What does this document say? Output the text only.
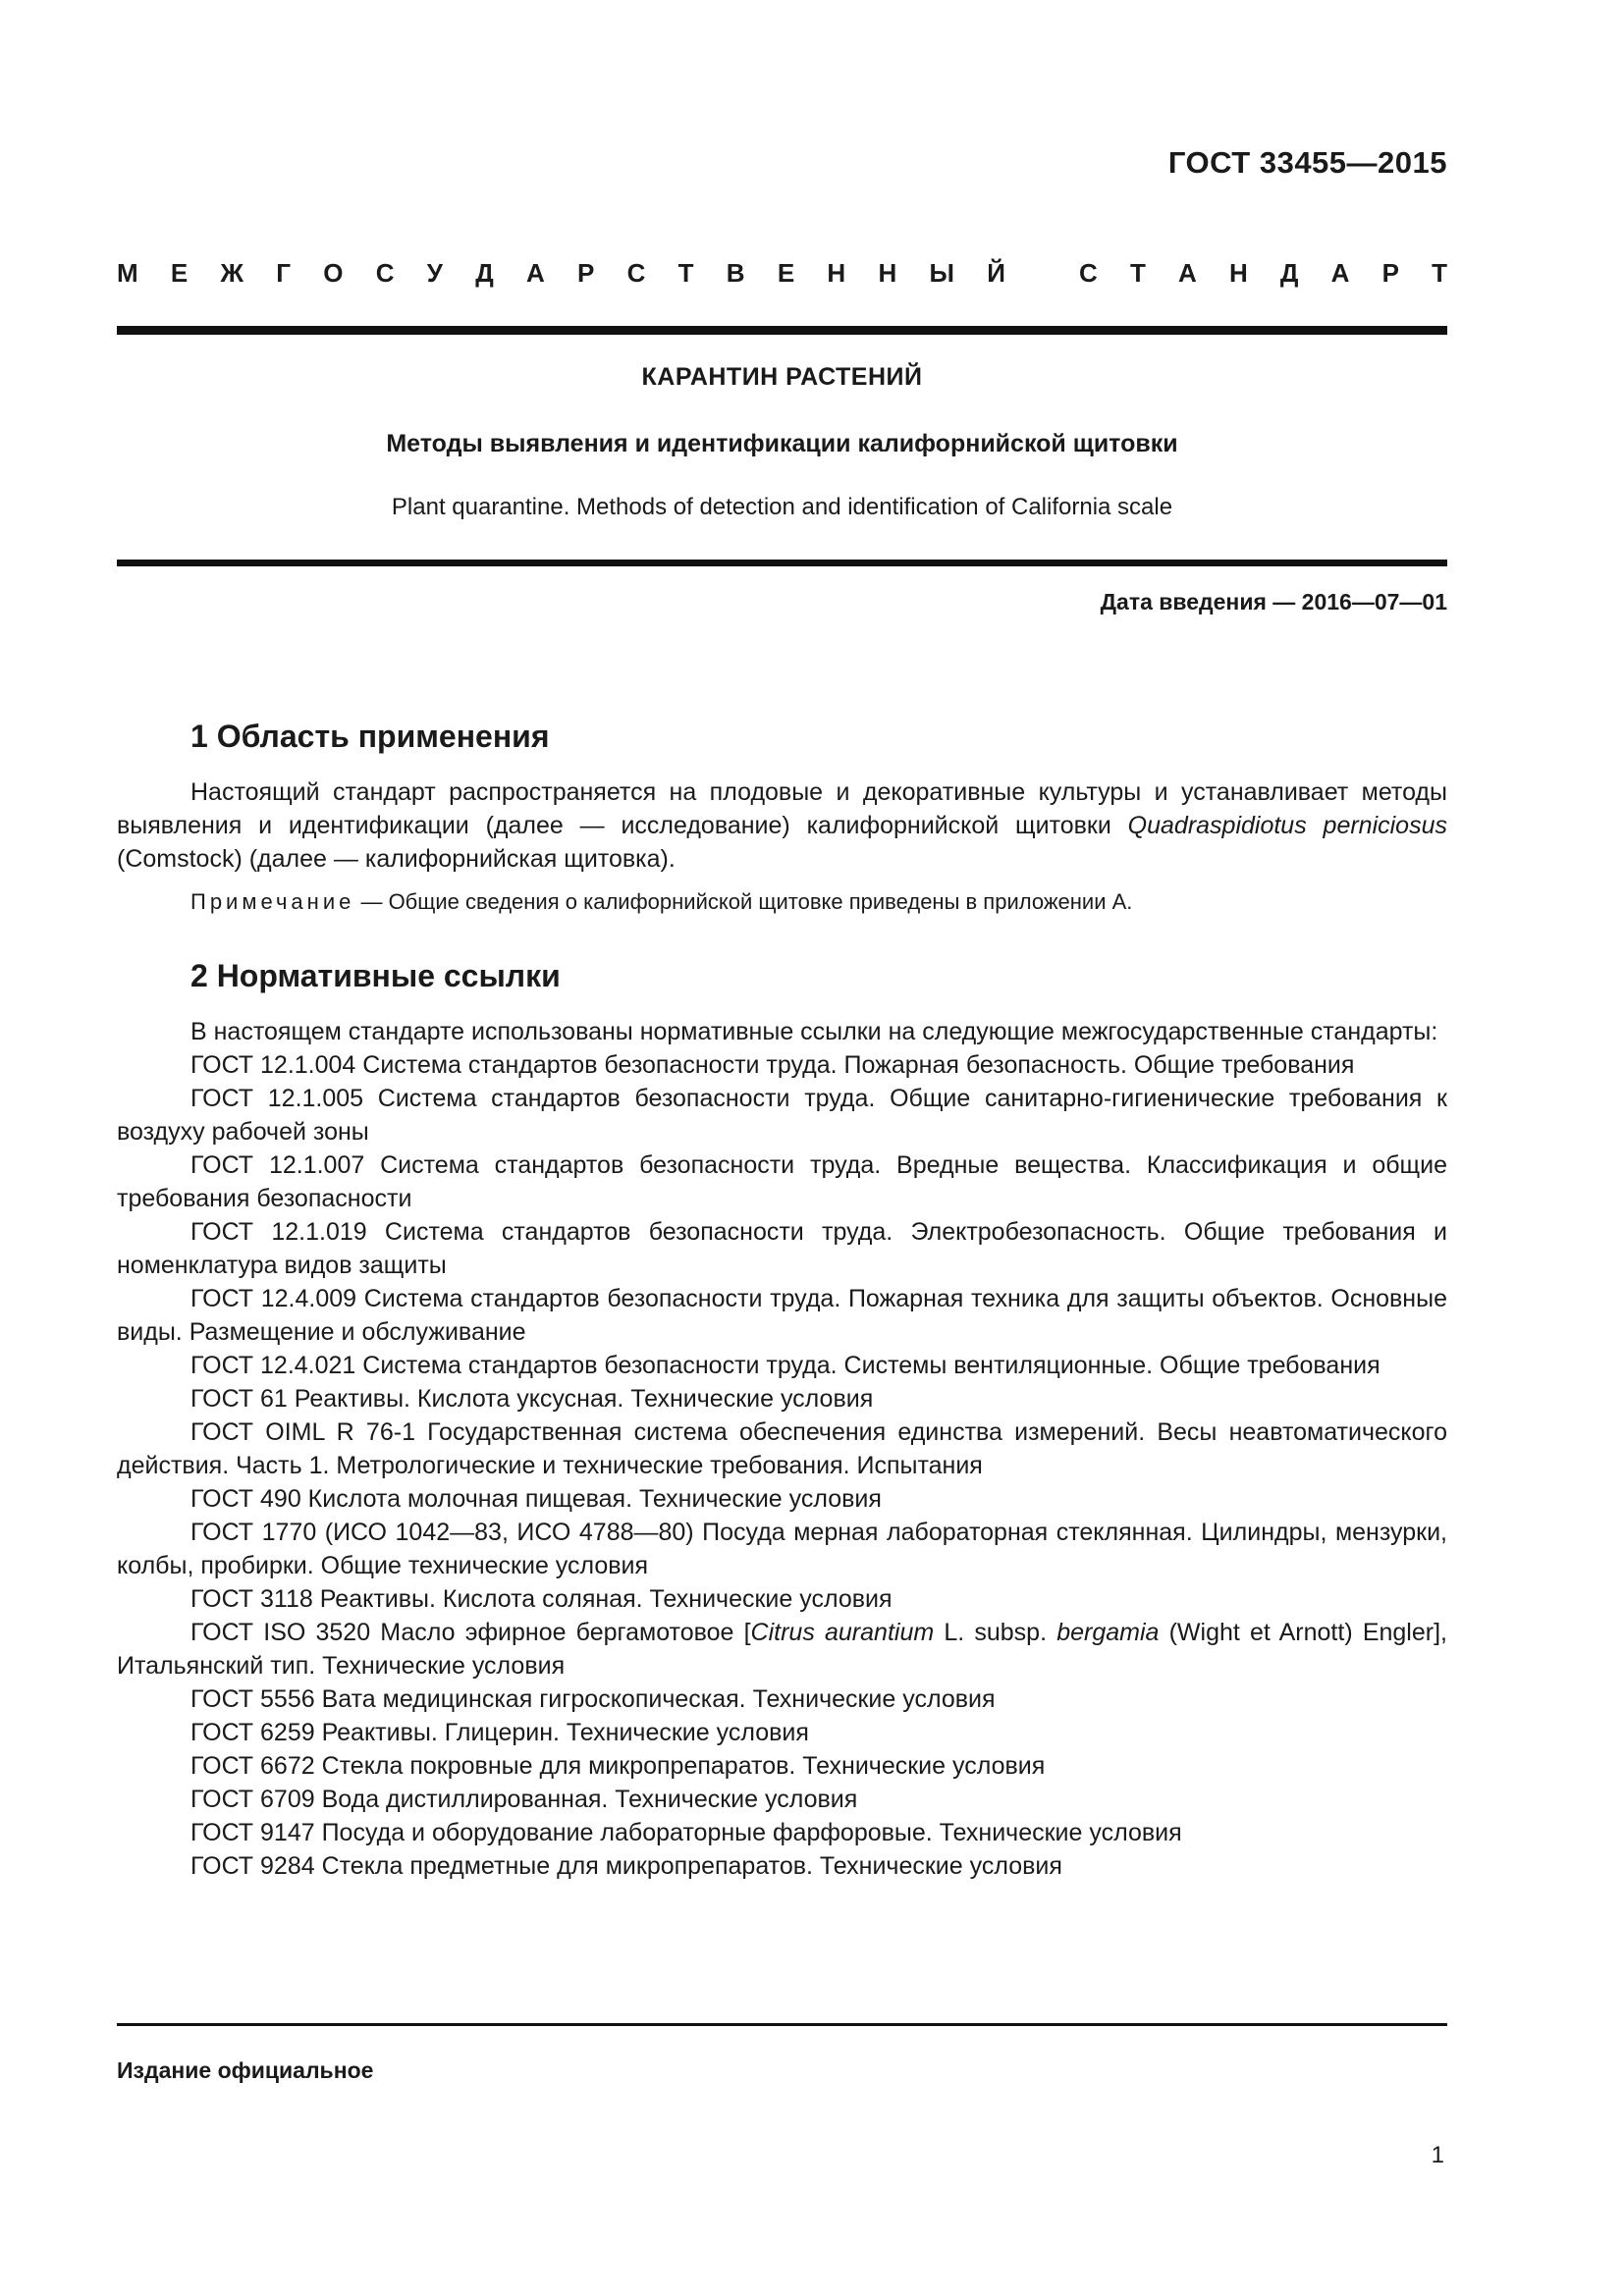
ГОСТ 33455—2015
М Е Ж Г О С У Д А Р С Т В Е Н Н Ы Й	С Т А Н Д А Р Т
КАРАНТИН РАСТЕНИЙ
Методы выявления и идентификации калифорнийской щитовки
Plant quarantine. Methods of detection and identification of California scale
Дата введения — 2016—07—01
1 Область применения

Настоящий стандарт распространяется на плодовые и декоративные культуры и устанавливает методы выявления и идентификации (далее — исследование) калифорнийской щитовки Quadraspidiotus perniciosus (Comstock) (далее — калифорнийская щитовка).

Примечание — Общие сведения о калифорнийской щитовке приведены в приложении А.

2 Нормативные ссылки

В настоящем стандарте использованы нормативные ссылки на следующие межгосударственные стандарты:

ГОСТ 12.1.004 Система стандартов безопасности труда. Пожарная безопасность. Общие требования

ГОСТ 12.1.005 Система стандартов безопасности труда. Общие санитарно-гигиенические требования к воздуху рабочей зоны

ГОСТ 12.1.007 Система стандартов безопасности труда. Вредные вещества. Классификация и общие требования безопасности

ГОСТ 12.1.019 Система стандартов безопасности труда. Электробезопасность. Общие требования и номенклатура видов защиты

ГОСТ 12.4.009 Система стандартов безопасности труда. Пожарная техника для защиты объектов. Основные виды. Размещение и обслуживание

ГОСТ 12.4.021 Система стандартов безопасности труда. Системы вентиляционные. Общие требования

ГОСТ 61 Реактивы. Кислота уксусная. Технические условия

ГОСТ OIML R 76-1 Государственная система обеспечения единства измерений. Весы неавтоматического действия. Часть 1. Метрологические и технические требования. Испытания

ГОСТ 490 Кислота молочная пищевая. Технические условия

ГОСТ 1770 (ИСО 1042—83, ИСО 4788—80) Посуда мерная лабораторная стеклянная. Цилиндры, мензурки, колбы, пробирки. Общие технические условия

ГОСТ 3118 Реактивы. Кислота соляная. Технические условия

ГОСТ ISO 3520 Масло эфирное бергамотовое [Citrus aurantium L. subsp. bergamia (Wight et Arnott) Engler], Итальянский тип. Технические условия

ГОСТ 5556 Вата медицинская гигроскопическая. Технические условия

ГОСТ 6259 Реактивы. Глицерин. Технические условия

ГОСТ 6672 Стекла покровные для микропрепаратов. Технические условия

ГОСТ 6709 Вода дистиллированная. Технические условия

ГОСТ 9147 Посуда и оборудование лабораторные фарфоровые. Технические условия

ГОСТ 9284 Стекла предметные для микропрепаратов. Технические условия

Издание официальное
1
